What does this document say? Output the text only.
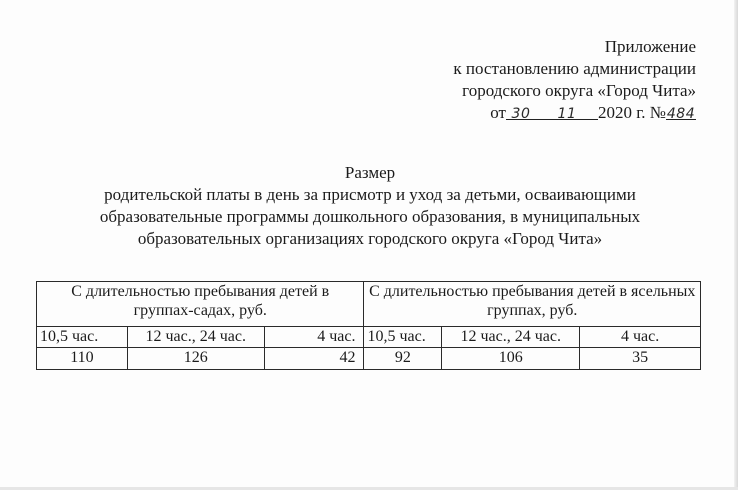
Приложение
к постановлению администрации
городского округа «Город Чита»
от 30 11 2020 г. №484
Размер
родительской платы в день за присмотр и уход за детьми, осваивающими
образовательные программы дошкольного образования, в муниципальных
образовательных организациях городского округа «Город Чита»
С длительностью пребывания детей в группах-садах, руб.			С длительностью пребывания детей в ясельных группах, руб.		
10,5 час.	12 час., 24 час.	4 час.	10,5 час.	12 час., 24 час.	4 час.
110	126	42	92	106	35
